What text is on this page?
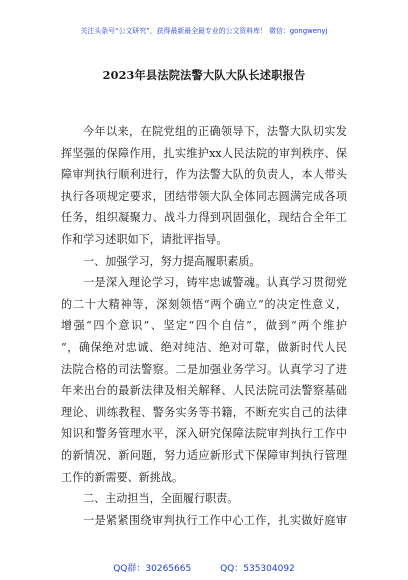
关注头条号“公文研究”，获得最新最全最专业的公文资料库！ 微信：gongwenyj
2023年县法院法警大队大队长述职报告
今年以来，在院党组的正确领导下，法警大队切实发
挥坚强的保障作用，扎实维护xx人民法院的审判秩序、保
障审判执行顺利进行，作为法警大队的负责人，本人带头
执行各项规定要求，团结带领大队全体同志圆满完成各项
任务，组织凝聚力、战斗力得到巩固强化，现结合全年工
作和学习述职如下，请批评指导。
一、加强学习，努力提高履职素质。
一是深入理论学习，铸牢忠诚警魂。认真学习贯彻党
的二十大精神等，深刻领悟“两个确立”的决定性意义，
增强“四个意识”、坚定“四个自信”，做到“两个维护
”，确保绝对忠诚、绝对纯洁、绝对可靠，做新时代人民
法院合格的司法警察。二是加强业务学习。认真学习了进
年来出台的最新法律及相关解释、人民法院司法警察基础
理论、训练教程、警务实务等书籍，不断充实自己的法律
知识和警务管理水平，深入研究保障法院审判执行工作中
的新情况、新问题，努力适应新形式下保障审判执行管理
工作的新需要、新挑战。
二、主动担当，全面履行职责。
一是紧紧围绕审判执行工作中心工作，扎实做好庭审
QQ群：30265665	QQ：535304092
